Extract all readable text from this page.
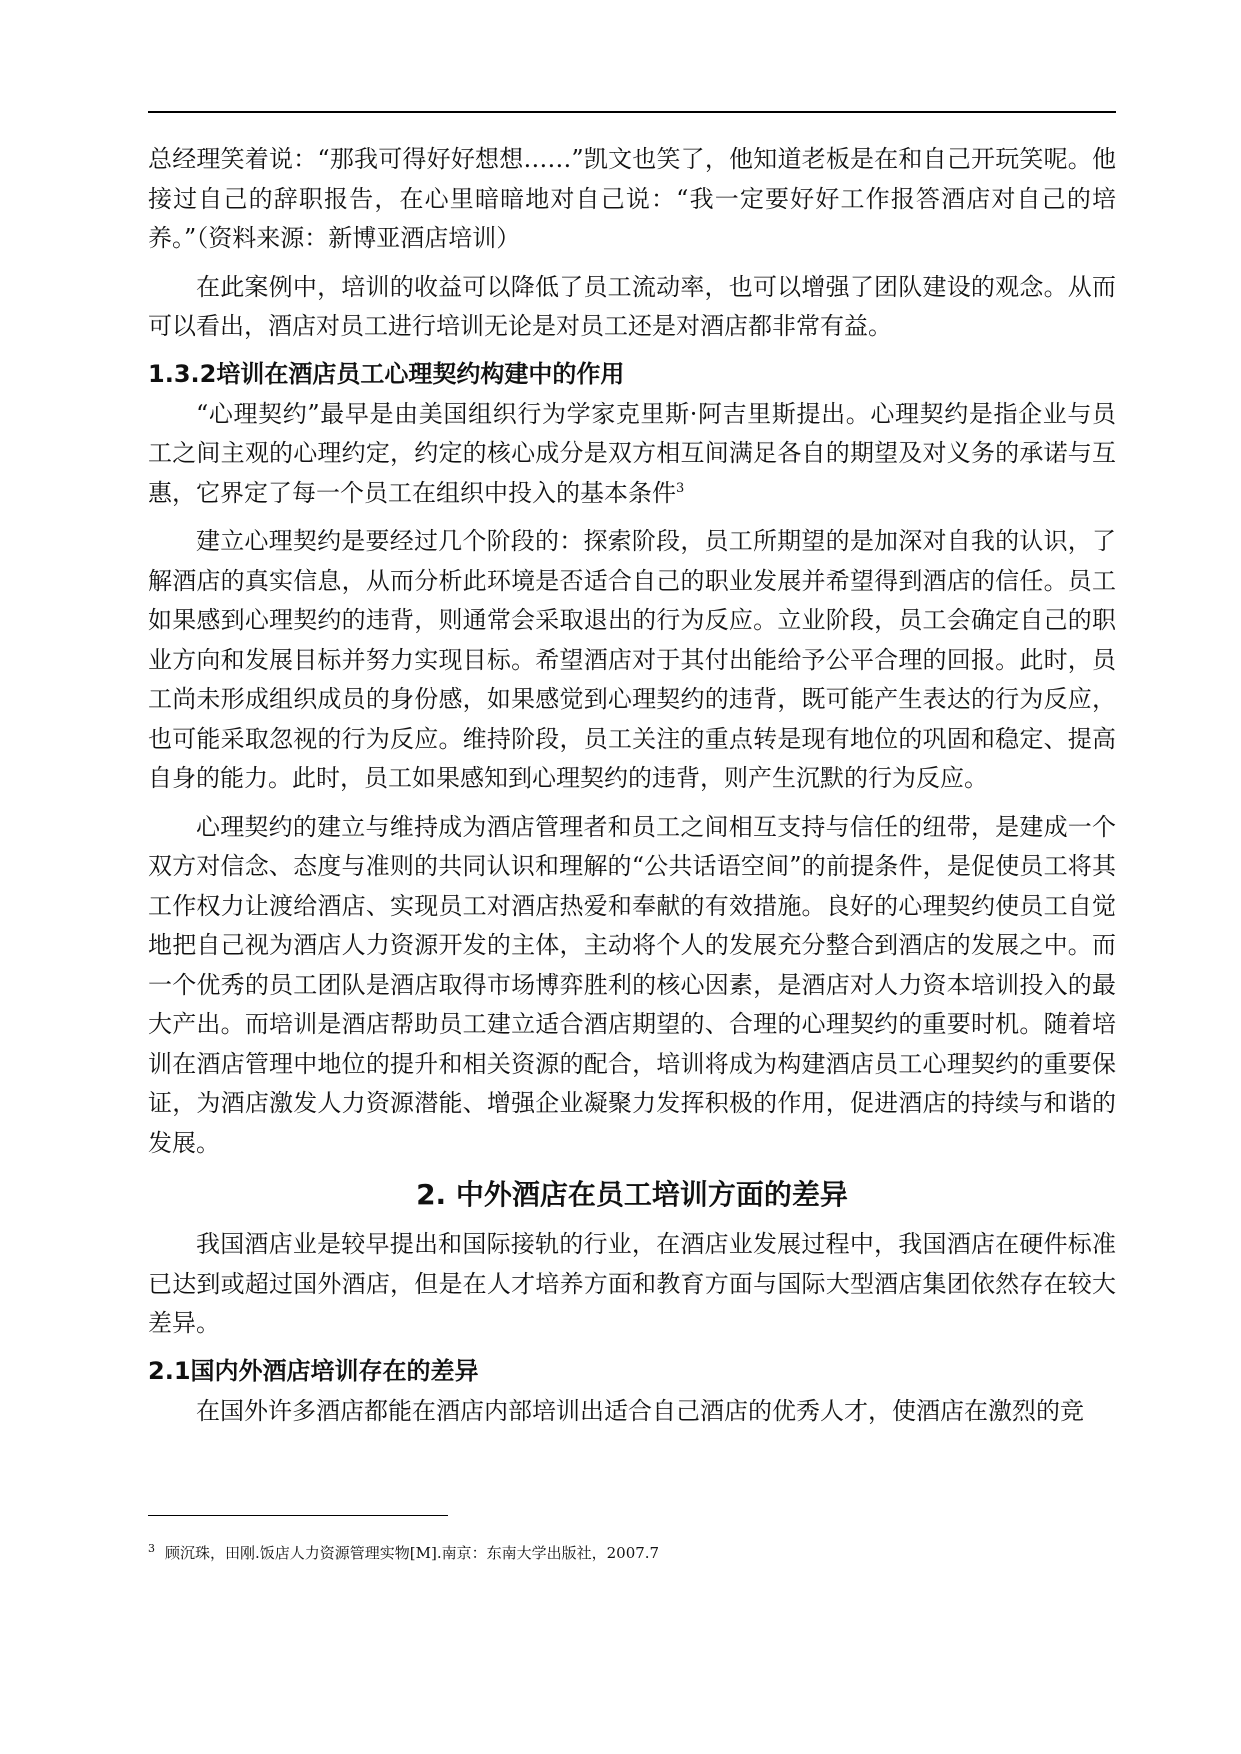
总经理笑着说：“那我可得好好想想……”凯文也笑了，他知道老板是在和自己开玩笑呢。他接过自己的辞职报告，在心里暗暗地对自己说：“我一定要好好工作报答酒店对自己的培养。”（资料来源：新博亚酒店培训）

在此案例中，培训的收益可以降低了员工流动率，也可以增强了团队建设的观念。从而可以看出，酒店对员工进行培训无论是对员工还是对酒店都非常有益。

1.3.2培训在酒店员工心理契约构建中的作用

“心理契约”最早是由美国组织行为学家克里斯·阿吉里斯提出。心理契约是指企业与员工之间主观的心理约定，约定的核心成分是双方相互间满足各自的期望及对义务的承诺与互惠，它界定了每一个员工在组织中投入的基本条件$^3$

建立心理契约是要经过几个阶段的：探索阶段，员工所期望的是加深对自我的认识，了解酒店的真实信息，从而分析此环境是否适合自己的职业发展并希望得到酒店的信任。员工如果感到心理契约的违背，则通常会采取退出的行为反应。立业阶段，员工会确定自己的职业方向和发展目标并努力实现目标。希望酒店对于其付出能给予公平合理的回报。此时，员工尚未形成组织成员的身份感，如果感觉到心理契约的违背，既可能产生表达的行为反应，也可能采取忽视的行为反应。维持阶段，员工关注的重点转是现有地位的巩固和稳定、提高自身的能力。此时，员工如果感知到心理契约的违背，则产生沉默的行为反应。

心理契约的建立与维持成为酒店管理者和员工之间相互支持与信任的纽带，是建成一个双方对信念、态度与准则的共同认识和理解的“公共话语空间”的前提条件，是促使员工将其工作权力让渡给酒店、实现员工对酒店热爱和奉献的有效措施。良好的心理契约使员工自觉地把自己视为酒店人力资源开发的主体，主动将个人的发展充分整合到酒店的发展之中。而一个优秀的员工团队是酒店取得市场博弈胜利的核心因素，是酒店对人力资本培训投入的最大产出。而培训是酒店帮助员工建立适合酒店期望的、合理的心理契约的重要时机。随着培训在酒店管理中地位的提升和相关资源的配合，培训将成为构建酒店员工心理契约的重要保证，为酒店激发人力资源潜能、增强企业凝聚力发挥积极的作用，促进酒店的持续与和谐的发展。

2. 中外酒店在员工培训方面的差异

我国酒店业是较早提出和国际接轨的行业，在酒店业发展过程中，我国酒店在硬件标准已达到或超过国外酒店，但是在人才培养方面和教育方面与国际大型酒店集团依然存在较大差异。

2.1国内外酒店培训存在的差异

在国外许多酒店都能在酒店内部培训出适合自己酒店的优秀人才，使酒店在激烈的竞

$^3$ 顾沉珠，田刚.饭店人力资源管理实物[M].南京：东南大学出版社，2007.7
